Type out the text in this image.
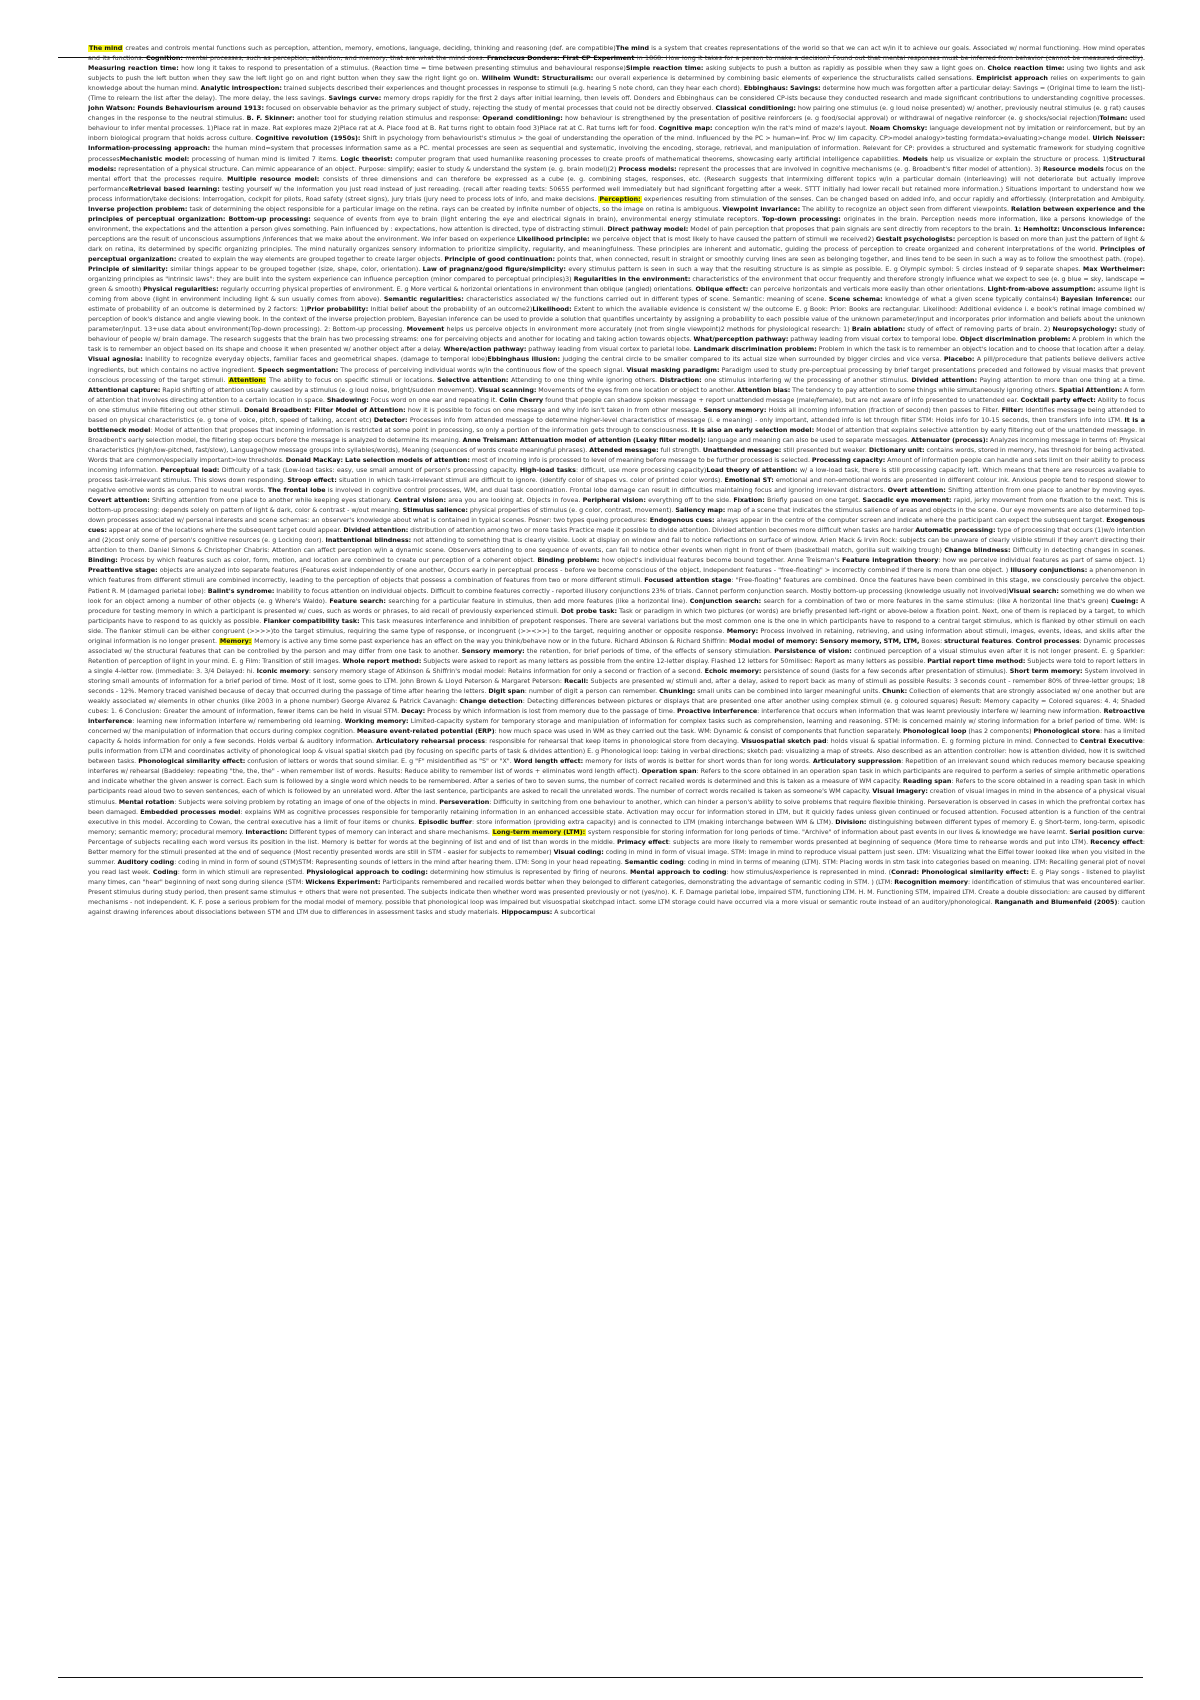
The mind creates and controls mental functions such as perception, attention, memory, emotions, language, deciding, thinking and reasoning (def. are compatible)The mind is a system that creates representations of the world so that we can act w/in it to achieve our goals. Associated w/ normal functioning. How mind operates and its functions. Cognition: mental processes, such as perception, attention, and memory, that are what the mind does. Franciscus Donders: First CP Experiment in 1868: How long it takes for a person to make a decision? Found out that mental responses must be inferred from behavior (cannot be measured directly). Measuring reaction time: how long it takes to respond to presentation of a stimulus. (Reaction time = time between presenting stimulus and behavioural response)Simple reaction time: asking subjects to push a button as rapidly as possible when they saw a light goes on. Choice reaction time: using two lights and ask subjects to push the left button when they saw the left light go on and right button when they saw the right light go on. Wilhelm Wundt: Structuralism: our overall experience is determined by combining basic elements of experience the structuralists called sensations. Empiricist approach relies on experiments to gain knowledge about the human mind. Analytic introspection: trained subjects described their experiences and thought processes in response to stimuli (e.g. hearing 5 note chord, can they hear each chord). Ebbinghaus: Savings: determine how much was forgotten after a particular delay: Savings = (Original time to learn the list)-(Time to relearn the list after the delay). The more delay, the less savings. Savings curve: memory drops rapidly for the first 2 days after initial learning, then levels off. Donders and Ebbinghaus can be considered CP-ists because they conducted research and made significant contributions to understanding cognitive processes. John Watson: Founds Behaviourism around 1913: focused on observable behavior as the primary subject of study, rejecting the study of mental processes that could not be directly observed. Classical conditioning: how pairing one stimulus (e. g loud noise presented) w/ another, previously neutral stimulus (e. g rat) causes changes in the response to the neutral stimulus. B. F. Skinner: another tool for studying relation stimulus and response: Operand conditioning: how behaviour is strengthened by the presentation of positive reinforcers (e. g food/social approval) or withdrawal of negative reinforcer (e. g shocks/social rejection)Tolman: used behaviour to infer mental processes. 1)Place rat in maze. Rat explores maze 2)Place rat at A. Place food at B. Rat turns right to obtain food 3)Place rat at C. Rat turns left for food. Cognitive map: conception w/in the rat's mind of maze's layout. Noam Chomsky: language development not by imitation or reinforcement, but by an inborn biological program that holds across culture. Cognitive revolution (1950s): Shift in psychology from behaviourist's stimulus > the goal of understanding the operation of the mind. Influenced by the PC > human=inf. Proc w/ lim capacity. CP>model analogy>testing formdata>evaluating>change model. Ulrich Neisser: Information-processing approach: the human mind=system that processes information same as a PC. mental processes are seen as sequential and systematic, involving the encoding, storage, retrieval, and manipulation of information. Relevant for CP: provides a structured and systematic framework for studying cognitive processesMechanistic model: processing of human mind is limited 7 items. Logic theorist: computer program that used humanlike reasoning processes to create proofs of mathematical theorems, showcasing early artificial intelligence capabilities. Models help us visualize or explain the structure or process. 1)Structural models: representation of a physical structure. Can mimic appearance of an object. Purpose: simplify; easier to study & understand the system (e. g. brain model)(2) Process models: represent the processes that are involved in cognitive mechanisms (e. g. Broadbent's filter model of attention). 3) Resource models focus on the mental effort that the processes require. Multiple resource model: consists of three dimensions and can therefore be expressed as a cube (e. g. combining stages, responses, etc. (Research suggests that intermixing different topics w/in a particular domain (interleaving) will not deteriorate but actually improve performanceRetrieval based learning: testing yourself w/ the information you just read instead of just rereading. (recall after reading texts: 50655 performed well immediately but had significant forgetting after a week. STTT initially had lower recall but retained more information.) Situations important to understand how we process information/take decisions: Interrogation, cockpit for pilots, Road safety (street signs), jury trials (jury need to process lots of info, and make decisions. Perception: experiences resulting from stimulation of the senses. Can be changed based on added info, and occur rapidly and effortlessly. (Interpretation and Ambiguity. Inverse projection problem: task of determining the object responsible for a particular image on the retina. rays can be created by infinite number of objects, so the image on retina is ambiguous. Viewpoint invariance: The ability to recognize an object seen from different viewpoints. Relation between experience and the principles of perceptual organization: Bottom-up processing: sequence of events from eye to brain (light entering the eye and electrical signals in brain), environmental energy stimulate receptors. Top-down processing: originates in the brain. Perception needs more information, like a persons knowledge of the environment, the expectations and the attention a person gives something. Pain influenced by : expectations, how attention is directed, type of distracting stimuli. Direct pathway model: Model of pain perception that proposes that pain signals are sent directly from receptors to the brain. 1: Hemholtz: Unconscious inference: perceptions are the result of unconscious assumptions /inferences that we make about the environment. We infer based on experience Likelihood principle: we perceive object that is most likely to have caused the pattern of stimuli we received2) Gestalt psychologists: perception is based on more than just the pattern of light & dark on retina, its determined by specific organizing principles. The mind naturally organizes sensory information to prioritize simplicity, regularity, and meaningfulness. These principles are inherent and automatic, guiding the process of perception to create organized and coherent interpretations of the world. Principles of perceptual organization: created to explain the way elements are grouped together to create larger objects. Principle of good continuation: points that, when connected, result in straight or smoothly curving lines are seen as belonging together, and lines tend to be seen in such a way as to follow the smoothest path. (rope). Principle of similarity: similar things appear to be grouped together (size, shape, color, orientation). Law of pragnanz/good figure/simplicity: every stimulus pattern is seen in such a way that the resulting structure is as simple as possible. E. g Olympic symbol: 5 circles instead of 9 separate shapes. Max Wertheimer: organizing principles as "intrinsic laws": they are built into the system experience can influence perception (minor compared to perceptual principles)3) Regularities in the environment: characteristics of the environment that occur frequently and therefore strongly influence what we expect to see (e. g blue = sky, landscape = green & smooth) Physical regularities: regularly occurring physical properties of environment. E. g More vertical & horizontal orientations in environment than oblique (angled) orientations. Oblique effect: can perceive horizontals and verticals more easily than other orientations. Light-from-above assumption: assume light is coming from above (light in environment including light & sun usually comes from above). Semantic regularities: characteristics associated w/ the functions carried out in different types of scene. Semantic: meaning of scene. Scene schema: knowledge of what a given scene typically contains4) Bayesian Inference: our estimate of probability of an outcome is determined by 2 factors: 1)Prior probability: Initial belief about the probability of an outcome2)Likelihood: Extent to which the available evidence is consistent w/ the outcome E. g Book: Prior: Books are rectangular. Likelihood: Additional evidence i. e book's retinal image combined w/ perception of book's distance and angle viewing book. In the context of the inverse projection problem, Bayesian inference can be used to provide a solution that quantifies uncertainty by assigning a probability to each possible value of the unknown parameter/input and incorporates prior information and beliefs about the unknown parameter/input. 13+use data about environment(Top-down processing). 2: Bottom-up processing. Movement helps us perceive objects in environment more accurately (not from single viewpoint)2 methods for physiological research: 1) Brain ablation: study of effect of removing parts of brain. 2) Neuropsychology: study of behaviour of people w/ brain damage. The research suggests that the brain has two processing streams: one for perceiving objects and another for locating and taking action towards objects. What/perception pathway: pathway leading from visual cortex to temporal lobe. Object discrimination problem: A problem in which the task is to remember an object based on its shape and choose it when presented w/ another object after a delay. Where/action pathway: pathway leading from visual cortex to parietal lobe. Landmark discrimination problem: Problem in which the task is to remember an object's location and to choose that location after a delay. Visual agnosia: Inability to recognize everyday objects, familiar faces and geometrical shapes. (damage to temporal lobe)Ebbinghaus illusion: judging the central circle to be smaller compared to its actual size when surrounded by bigger circles and vice versa. Placebo: A pill/procedure that patients believe delivers active ingredients, but which contains no active ingredient. Speech segmentation: The process of perceiving individual words w/in the continuous flow of the speech signal. Visual masking paradigm: Paradigm used to study pre-perceptual processing by brief target presentations preceded and followed by visual masks that prevent conscious processing of the target stimuli. Attention: The ability to focus on specific stimuli or locations. Selective attention: Attending to one thing while ignoring others. Distraction: one stimulus interfering w/ the processing of another stimulus. Divided attention: Paying attention to more than one thing at a time. Attentional capture: Rapid shifting of attention usually caused by a stimulus (e. g loud noise, bright/sudden movement). Visual scanning: Movements of the eyes from one location or object to another. Attention bias: The tendency to pay attention to some things while simultaneously ignoring others. Spatial Attention: A form of attention that involves directing attention to a certain location in space. Shadowing: Focus word on one ear and repeating it. Colin Cherry found that people can shadow spoken message + report unattended message (male/female), but are not aware of info presented to unattended ear. Cocktail party effect: Ability to focus on one stimulus while filtering out other stimuli. Donald Broadbent: Filter Model of Attention: how it is possible to focus on one message and why info isn't taken in from other message. Sensory memory: Holds all incoming information (fraction of second) then passes to Filter. Filter: Identifies message being attended to based on physical characteristics (e. g tone of voice, pitch, speed of talking, accent etc) Detector: Processes info from attended message to determine higher-level characteristics of message (i. e meaning) - only important, attended info is let through filter STM: Holds info for 10-15 seconds, then transfers info into LTM. It is a bottleneck model: Model of attention that proposes that incoming information is restricted at some point in processing, so only a portion of the information gets through to consciousness. It is also an early selection model: Model of attention that explains selective attention by early filtering out of the unattended message. In Broadbent's early selection model, the filtering step occurs before the message is analyzed to determine its meaning. Anne Treisman: Attenuation model of attention (Leaky filter model): language and meaning can also be used to separate messages. Attenuator (process): Analyzes incoming message in terms of: Physical characteristics (high/low-pitched, fast/slow), Language(how message groups into syllables/words), Meaning (sequences of words create meaningful phrases). Attended message: full strength. Unattended message: still presented but weaker. Dictionary unit: contains words, stored in memory, has threshold for being activated. Words that are common/especially important>low thresholds. Donald MacKay: Late selection models of attention: most of incoming info is processed to level of meaning before message to be further processed is selected. Processing capacity: Amount of information people can handle and sets limit on their ability to process incoming information. Perceptual load: Difficulty of a task (Low-load tasks: easy, use small amount of person's processing capacity. High-load tasks: difficult, use more processing capacity)Load theory of attention: w/ a low-load task, there is still processing capacity left. Which means that there are resources available to process task-irrelevant stimulus. This slows down responding. Stroop effect: situation in which task-irrelevant stimuli are difficult to ignore. (identify color of shapes vs. color of printed color words). Emotional ST: emotional and non-emotional words are presented in different colour ink. Anxious people tend to respond slower to negative emotive words as compared to neutral words. The frontal lobe is involved in cognitive control processes, WM, and dual task coordination. Frontal lobe damage can result in difficulties maintaining focus and ignoring irrelevant distractors. Overt attention: Shifting attention from one place to another by moving eyes. Covert attention: Shifting attention from one place to another while keeping eyes stationary. Central vision: area you are looking at. Objects in fovea. Peripheral vision: everything off to the side. Fixation: Briefly paused on one target. Saccadic eye movement: rapid, jerky movement from one fixation to the next. This is bottom-up processing: depends solely on pattern of light & dark, color & contrast - w/out meaning. Stimulus salience: physical properties of stimulus (e. g color, contrast, movement). Saliency map: map of a scene that indicates the stimulus salience of areas and objects in the scene. Our eye movements are also determined top-down processes associated w/ personal interests and scene schemas: an observer's knowledge about what is contained in typical scenes. Posner: two types queing procedures: Endogenous cues: always appear in the centre of the computer screen and indicate where the participant can expect the subsequent target. Exogenous cues: appear at one of the locations where the subsequent target could appear. Divided attention: distribution of attention among two or more tasks Practice made it possible to divide attention. Divided attention becomes more difficult when tasks are harder Automatic processing: type of processing that occurs (1)w/o intention and (2)cost only some of person's cognitive resources (e. g Locking door). Inattentional blindness: not attending to something that is clearly visible. Look at display on window and fail to notice reflections on surface of window. Arien Mack & Irvin Rock: subjects can be unaware of clearly visible stimuli if they aren't directing their attention to them. Daniel Simons & Christopher Chabris: Attention can affect perception w/in a dynamic scene. Observers attending to one sequence of events, can fail to notice other events when right in front of them (basketball match, gorilla suit walking trough) Change blindness: Difficulty in detecting changes in scenes. Binding: Process by which features such as color, form, motion, and location are combined to create our perception of a coherent object. Binding problem: how object's individual features become bound together. Anne Treisman's Feature integration theory: how we perceive individual features as part of same object. 1) Preattentive stage: objects are analyzed into separate features (Features exist independently of one another, Occurs early in perceptual process - before we become conscious of the object, Independent features - "free-floating" > incorrectly combined if there is more than one object. ) Illusory conjunctions: a phenomenon in which features from different stimuli are combined incorrectly, leading to the perception of objects that possess a combination of features from two or more different stimuli. Focused attention stage: "Free-floating" features are combined. Once the features have been combined in this stage, we consciously perceive the object. Patient R. M (damaged parietal lobe): Balint's syndrome: Inability to focus attention on individual objects. Difficult to combine features correctly - reported illusory conjunctions 23% of trials. Cannot perform conjunction search. Mostly bottom-up processing (knowledge usually not involved)Visual search: something we do when we look for an object among a number of other objects (e. g Where's Waldo). Feature search: searching for a particular feature in stimulus, then add more features (like a horizontal line). Conjunction search: search for a combination of two or more features in the same stimulus: (like A horizontal line that's green) Cueing: A procedure for testing memory in which a participant is presented w/ cues, such as words or phrases, to aid recall of previously experienced stimuli. Dot probe task: Task or paradigm in which two pictures (or words) are briefly presented left-right or above-below a fixation point. Next, one of them is replaced by a target, to which participants have to respond to as quickly as possible. Flanker compatibility task: This task measures interference and inhibition of prepotent responses. There are several variations but the most common one is the one in which participants have to respond to a central target stimulus, which is flanked by other stimuli on each side. The flanker stimuli can be either congruent (>>>>)to the target stimulus, requiring the same type of response, or incongruent (>><>>) to the target, requiring another or opposite response. Memory: Process involved in retaining, retrieving, and using information about stimuli, images, events, ideas, and skills after the original information is no longer present. Memory: Memory is active any time some past experience has an effect on the way you think/behave now or in the future. Richard Atkinson & Richard Shiffrin: Modal model of memory: Sensory memory, STM, LTM, Boxes: structural features. Control processes: Dynamic processes associated w/ the structural features that can be controlled by the person and may differ from one task to another. Sensory memory: the retention, for brief periods of time, of the effects of sensory stimulation. Persistence of vision: continued perception of a visual stimulus even after it is not longer present. E. g Sparkler: Retention of perception of light in your mind. E. g Film: Transition of still images. Whole report method: Subjects were asked to report as many letters as possible from the entire 12-letter display. Flashed 12 letters for 50milisec: Report as many letters as possible. Partial report time method: Subjects were told to report letters in a single 4-letter row. (Immediate: 3. 3/4 Delayed: hi. Iconic memory: sensory memory stage of Atkinson & Shiffrin's modal model: Retains information for only a second or fraction of a second. Echoic memory: persistence of sound (lasts for a few seconds after presentation of stimulus). Short term memory: System involved in storing small amounts of information for a brief period of time. Most of it lost, some goes to LTM. John Brown & Lloyd Peterson & Margaret Peterson: Recall: Subjects are presented w/ stimuli and, after a delay, asked to report back as many of stimuli as possible Results: 3 seconds count - remember 80% of three-letter groups; 18 seconds - 12%. Memory traced vanished because of decay that occurred during the passage of time after hearing the letters. Digit span: number of digit a person can remember. Chunking: small units can be combined into larger meaningful units. Chunk: Collection of elements that are strongly associated w/ one another but are weakly associated w/ elements in other chunks (like 2003 in a phone number) George Alvarez & Patrick Cavanagh: Change detection: Detecting differences between pictures or displays that are presented one after another using complex stimuli (e. g coloured squares) Result: Memory capacity = Colored squares: 4. 4; Shaded cubes: 1. 6 Conclusion: Greater the amount of information, fewer items can be held in visual STM. Decay: Process by which information is lost from memory due to the passage of time. Proactive interference: interference that occurs when information that was learnt previously interfere w/ learning new information. Retroactive interference: learning new information interfere w/ remembering old learning. Working memory: Limited-capacity system for temporary storage and manipulation of information for complex tasks such as comprehension, learning and reasoning. STM: is concerned mainly w/ storing information for a brief period of time. WM: is concerned w/ the manipulation of information that occurs during complex cognition. Measure event-related potential (ERP): how much space was used in WM as they carried out the task. WM: Dynamic & consist of components that function separately. Phonological loop (has 2 components) Phonological store: has a limited capacity & holds information for only a few seconds. Holds verbal & auditory information. Articulatory rehearsal process: responsible for rehearsal that keep items in phonological store from decaying. Visuospatial sketch pad: holds visual & spatial information. E. g forming picture in mind. Connected to Central Executive: pulls information from LTM and coordinates activity of phonological loop & visual spatial sketch pad (by focusing on specific parts of task & divides attention) E. g Phonological loop: taking in verbal directions; sketch pad: visualizing a map of streets. Also described as an attention controller: how is attention divided, how it is switched between tasks. Phonological similarity effect: confusion of letters or words that sound similar. E. g "F" misidentified as "S" or "X". Word length effect: memory for lists of words is better for short words than for long words. Articulatory suppression: Repetition of an irrelevant sound which reduces memory because speaking interferes w/ rehearsal (Baddeley: repeating "the, the, the" - when remember list of words. Results: Reduce ability to remember list of words + eliminates word length effect). Operation span: Refers to the score obtained in an operation span task in which participants are required to perform a series of simple arithmetic operations and indicate whether the given answer is correct. Each sum is followed by a single word which needs to be remembered. After a series of two to seven sums, the number of correct recalled words is determined and this is taken as a measure of WM capacity. Reading span: Refers to the score obtained in a reading span task in which participants read aloud two to seven sentences, each of which is followed by an unrelated word. After the last sentence, participants are asked to recall the unrelated words. The number of correct words recalled is taken as someone's WM capacity. Visual imagery: creation of visual images in mind in the absence of a physical visual stimulus. Mental rotation: Subjects were solving problem by rotating an image of one of the objects in mind. Perseveration: Difficulty in switching from one behaviour to another, which can hinder a person's ability to solve problems that require flexible thinking. Perseveration is observed in cases in which the prefrontal cortex has been damaged. Embedded processes model: explains WM as cognitive processes responsible for temporarily retaining information in an enhanced accessible state. Activation may occur for information stored in LTM, but it quickly fades unless given continued or focused attention. Focused attention is a function of the central executive in this model. According to Cowan, the central executive has a limit of four items or chunks. Episodic buffer: store information (providing extra capacity) and is connected to LTM (making interchange between WM & LTM). Division: distinguishing between different types of memory E. g Short-term, long-term, episodic memory; semantic memory; procedural memory. Interaction: Different types of memory can interact and share mechanisms. Long-term memory (LTM): system responsible for storing information for long periods of time. "Archive" of information about past events in our lives & knowledge we have learnt. Serial position curve: Percentage of subjects recalling each word versus its position in the list. Memory is better for words at the beginning of list and end of list than words in the middle. Primacy effect: subjects are more likely to remember words presented at beginning of sequence (More time to rehearse words and put into LTM). Recency effect: Better memory for the stimuli presented at the end of sequence (Most recently presented words are still in STM - easier for subjects to remember) Visual coding: coding in mind in form of visual image. STM: Image in mind to reproduce visual pattern just seen. LTM: Visualizing what the Eiffel tower looked like when you visited in the summer. Auditory coding: coding in mind in form of sound (STM)STM: Representing sounds of letters in the mind after hearing them. LTM: Song in your head repeating. Semantic coding: coding in mind in terms of meaning (LTM). STM: Placing words in stm task into categories based on meaning. LTM: Recalling general plot of novel you read last week. Coding: form in which stimuli are represented. Physiological approach to coding: determining how stimulus is represented by firing of neurons. Mental approach to coding: how stimulus/experience is represented in mind. (Conrad: Phonological similarity effect: E. g Play songs - listened to playlist many times, can "hear" beginning of next song during silence (STM: Wickens Experiment: Participants remembered and recalled words better when they belonged to different categories, demonstrating the advantage of semantic coding in STM. ) (LTM: Recognition memory: identification of stimulus that was encountered earlier. Present stimulus during study period, then present same stimulus + others that were not presented. The subjects indicate then whether word was presented previously or not (yes/no). K. F. Damage parietal lobe, impaired STM, functioning LTM. H. M. Functioning STM, impaired LTM. Create a double dissociation: are caused by different mechanisms - not independent. K. F. pose a serious problem for the modal model of memory. possible that phonological loop was impaired but visuospatial sketchpad intact. some LTM storage could have occurred via a more visual or semantic route instead of an auditory/phonological. Ranganath and Blumenfeld (2005): caution against drawing inferences about dissociations between STM and LTM due to differences in assessment tasks and study materials. Hippocampus: A subcortical
